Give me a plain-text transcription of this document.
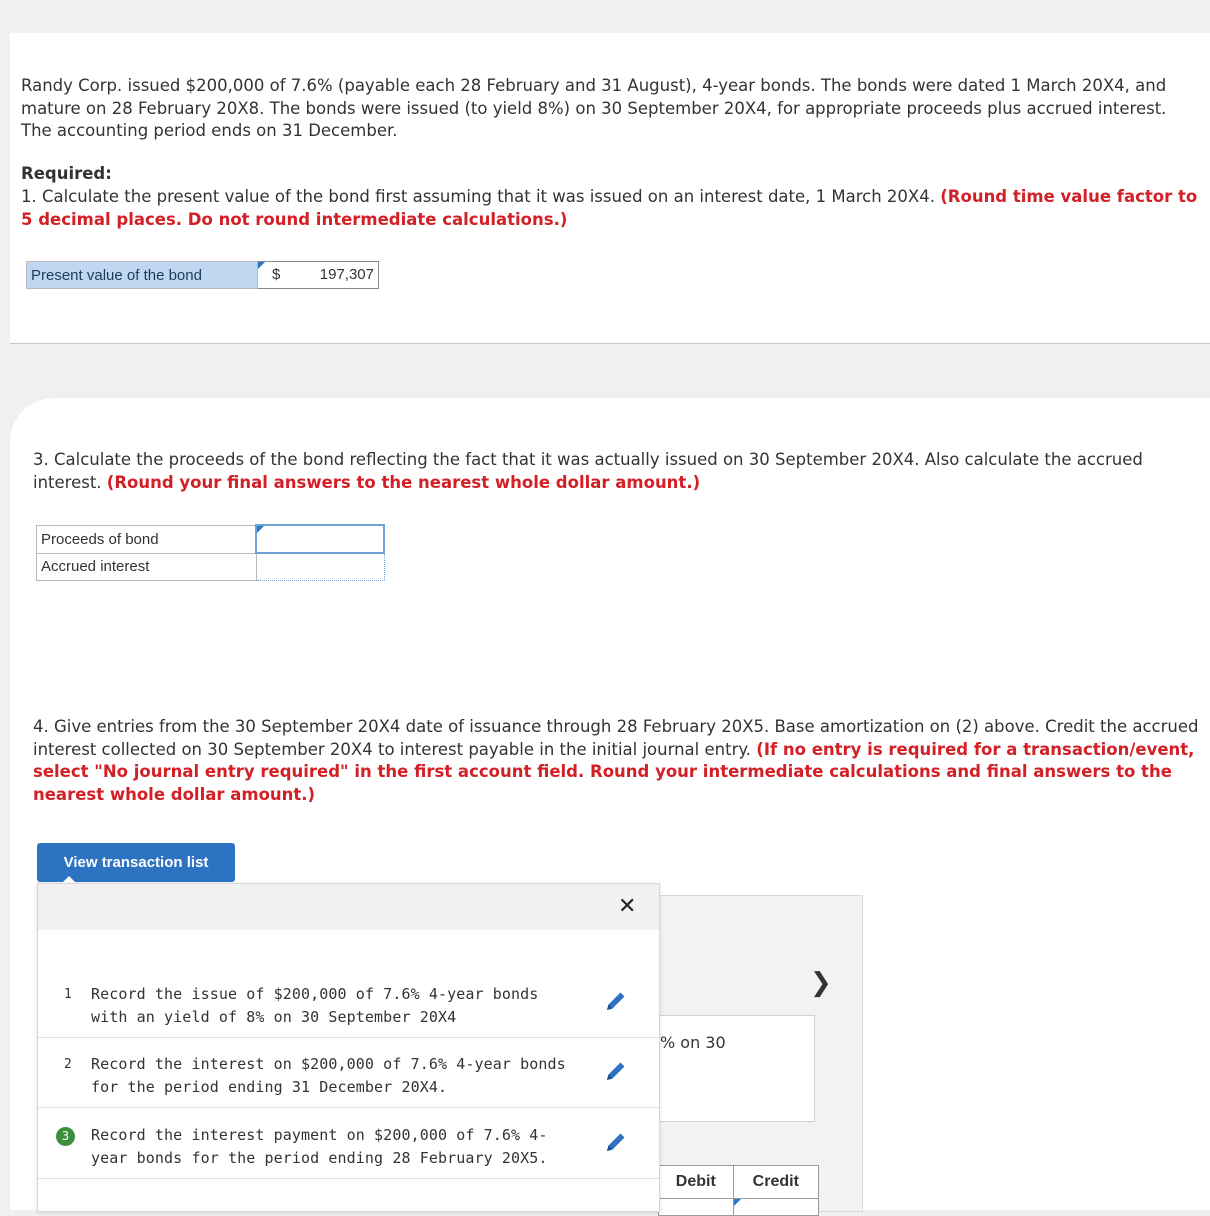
Randy Corp. issued $200,000 of 7.6% (payable each 28 February and 31 August), 4-year bonds. The bonds were dated 1 March 20X4, and mature on 28 February 20X8. The bonds were issued (to yield 8%) on 30 September 20X4, for appropriate proceeds plus accrued interest. The accounting period ends on 31 December.
Required:
1. Calculate the present value of the bond first assuming that it was issued on an interest date, 1 March 20X4. (Round time value factor to 5 decimal places. Do not round intermediate calculations.)
Present value of the bond	$	197,307
3. Calculate the proceeds of the bond reflecting the fact that it was actually issued on 30 September 20X4. Also calculate the accrued interest. (Round your final answers to the nearest whole dollar amount.)
Proceeds of bond	

Accrued interest	
4. Give entries from the 30 September 20X4 date of issuance through 28 February 20X5. Base amortization on (2) above. Credit the accrued interest collected on 30 September 20X4 to interest payable in the initial journal entry. (If no entry is required for a transaction/event, select "No journal entry required" in the first account field. Round your intermediate calculations and final answers to the nearest whole dollar amount.)
View transaction list
❯
% on 30
Debit	Credit

✕
1 Record the issue of $200,000 of 7.6% 4-year bonds with an yield of 8% on 30 September 20X4
2 Record the interest on $200,000 of 7.6% 4-year bonds for the period ending 31 December 20X4.
3	Record the interest payment on $200,000 of 7.6% 4-year bonds for the period ending 28 February 20X5.
